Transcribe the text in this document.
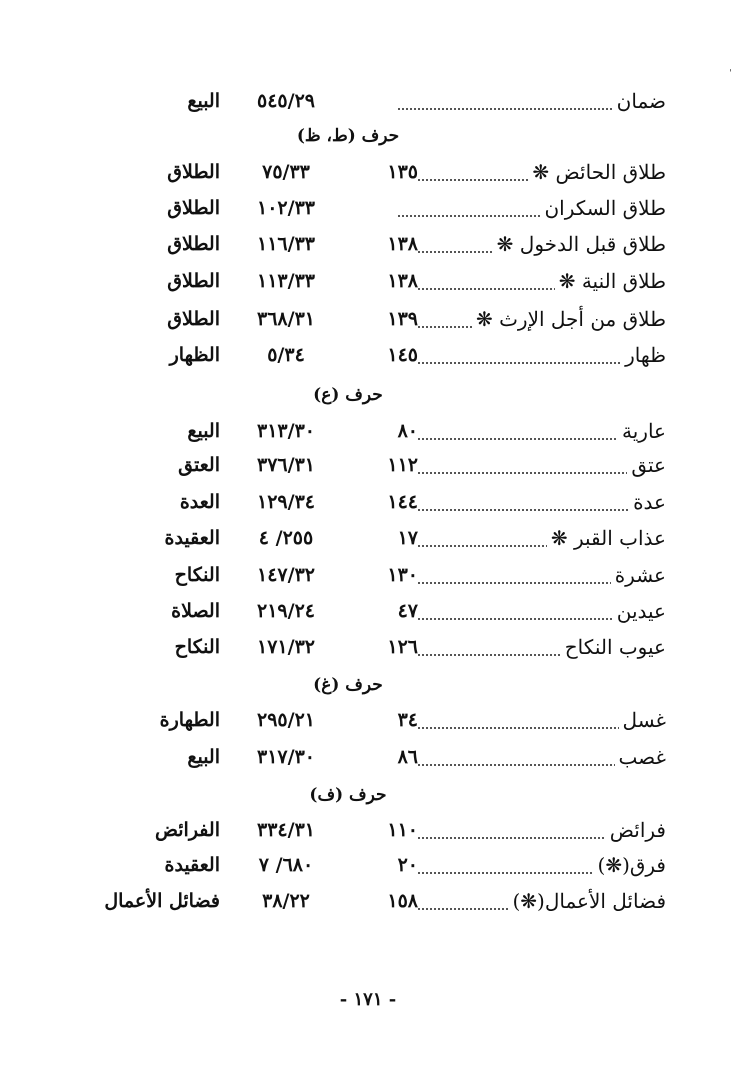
ضمان
٥٤٥/٢٩
البيع
حرف (ط، ظ)
طلاق الحائض ❋
١٣٥
٧٥/٣٣
الطلاق
طلاق السكران
١٠٢/٣٣
الطلاق
طلاق قبل الدخول ❋
١٣٨
١١٦/٣٣
الطلاق
طلاق النية ❋
١٣٨
١١٣/٣٣
الطلاق
طلاق من أجل الإرث ❋
١٣٩
٣٦٨/٣١
الطلاق
ظهار
١٤٥
٥/٣٤
الظهار
حرف (ع)
عارية
٨٠
٣١٣/٣٠
البيع
عتق
١١٢
٣٧٦/٣١
العتق
عدة
١٤٤
١٢٩/٣٤
العدة
عذاب القبر ❋
١٧
٢٥٥/ ٤
العقيدة
عشرة
١٣٠
١٤٧/٣٢
النكاح
عيدين
٤٧
٢١٩/٢٤
الصلاة
عيوب النكاح
١٢٦
١٧١/٣٢
النكاح
حرف (غ)
غسل
٣٤
٢٩٥/٢١
الطهارة
غصب
٨٦
٣١٧/٣٠
البيع
حرف (ف)
فرائض
١١٠
٣٣٤/٣١
الفرائض
فرق(❋)
٢٠
٦٨٠/ ٧
العقيدة
فضائل الأعمال(❋)
١٥٨
٣٨/٢٢
فضائل الأعمال
- ١٧١ -
ˌ
